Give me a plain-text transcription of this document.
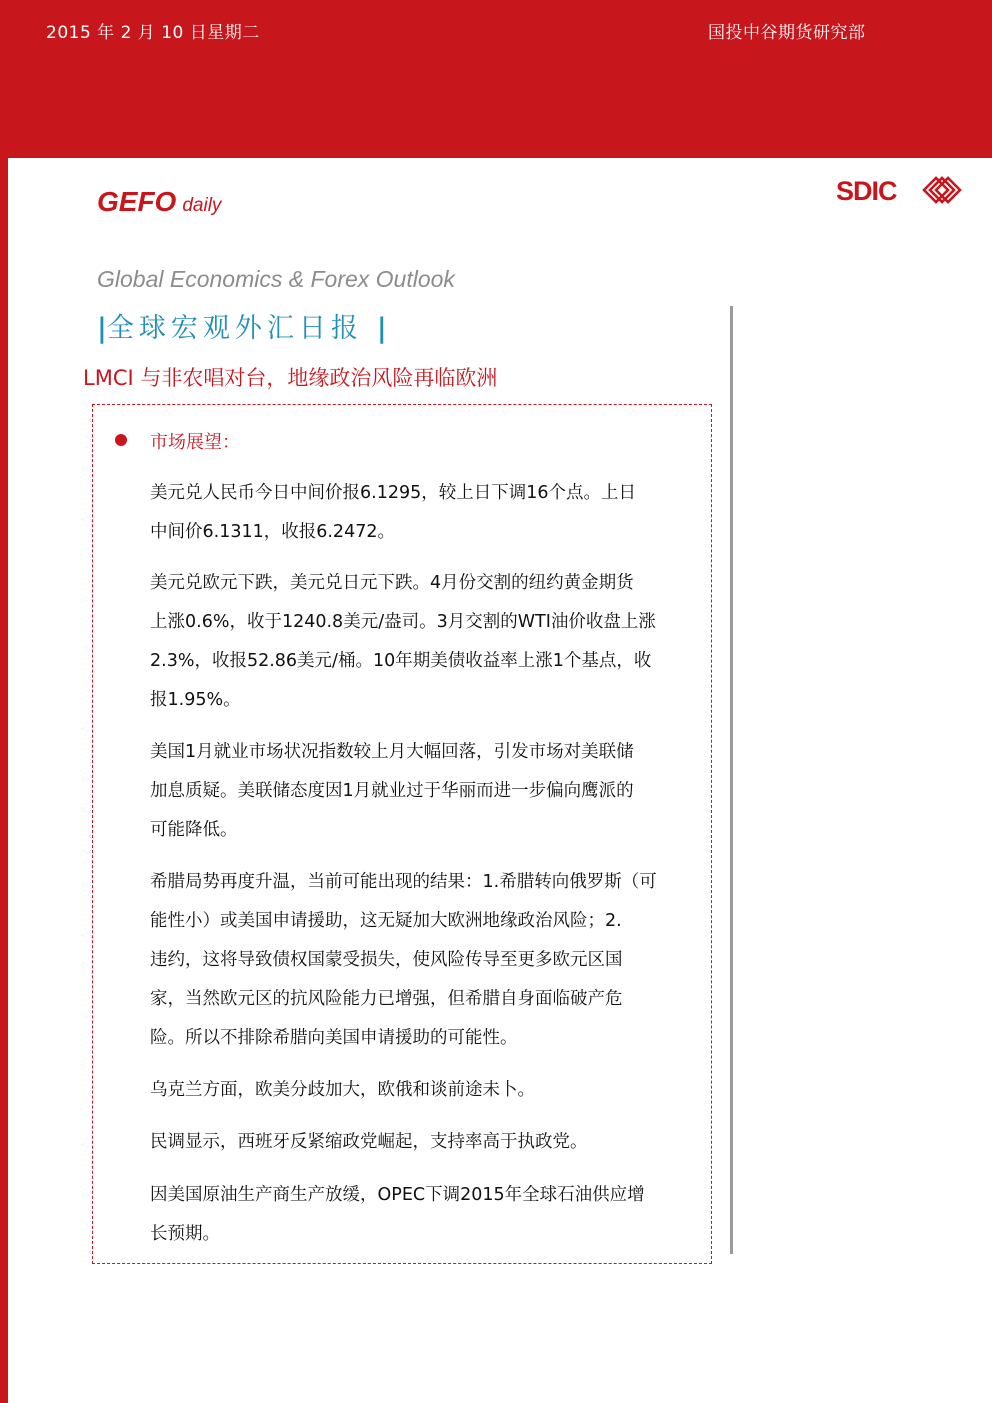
2015 年 2 月 10 日星期二	国投中谷期货研究部
GEFO daily	SDIC
Global Economics & Forex Outlook
|全球宏观外汇日报 |
LMCI 与非农唱对台，地缘政治风险再临欧洲
市场展望：
美元兑人民币今日中间价报6.1295，较上日下调16个点。上日
中间价6.1311，收报6.2472。
美元兑欧元下跌，美元兑日元下跌。4月份交割的纽约黄金期货
上涨0.6%，收于1240.8美元/盎司。3月交割的WTI油价收盘上涨
2.3%，收报52.86美元/桶。10年期美债收益率上涨1个基点，收
报1.95%。
美国1月就业市场状况指数较上月大幅回落，引发市场对美联储
加息质疑。美联储态度因1月就业过于华丽而进一步偏向鹰派的
可能降低。
希腊局势再度升温，当前可能出现的结果：1.希腊转向俄罗斯（可
能性小）或美国申请援助，这无疑加大欧洲地缘政治风险；2.
违约，这将导致债权国蒙受损失，使风险传导至更多欧元区国
家，当然欧元区的抗风险能力已增强，但希腊自身面临破产危
险。所以不排除希腊向美国申请援助的可能性。
乌克兰方面，欧美分歧加大，欧俄和谈前途未卜。
民调显示，西班牙反紧缩政党崛起，支持率高于执政党。
因美国原油生产商生产放缓，OPEC下调2015年全球石油供应增
长预期。
